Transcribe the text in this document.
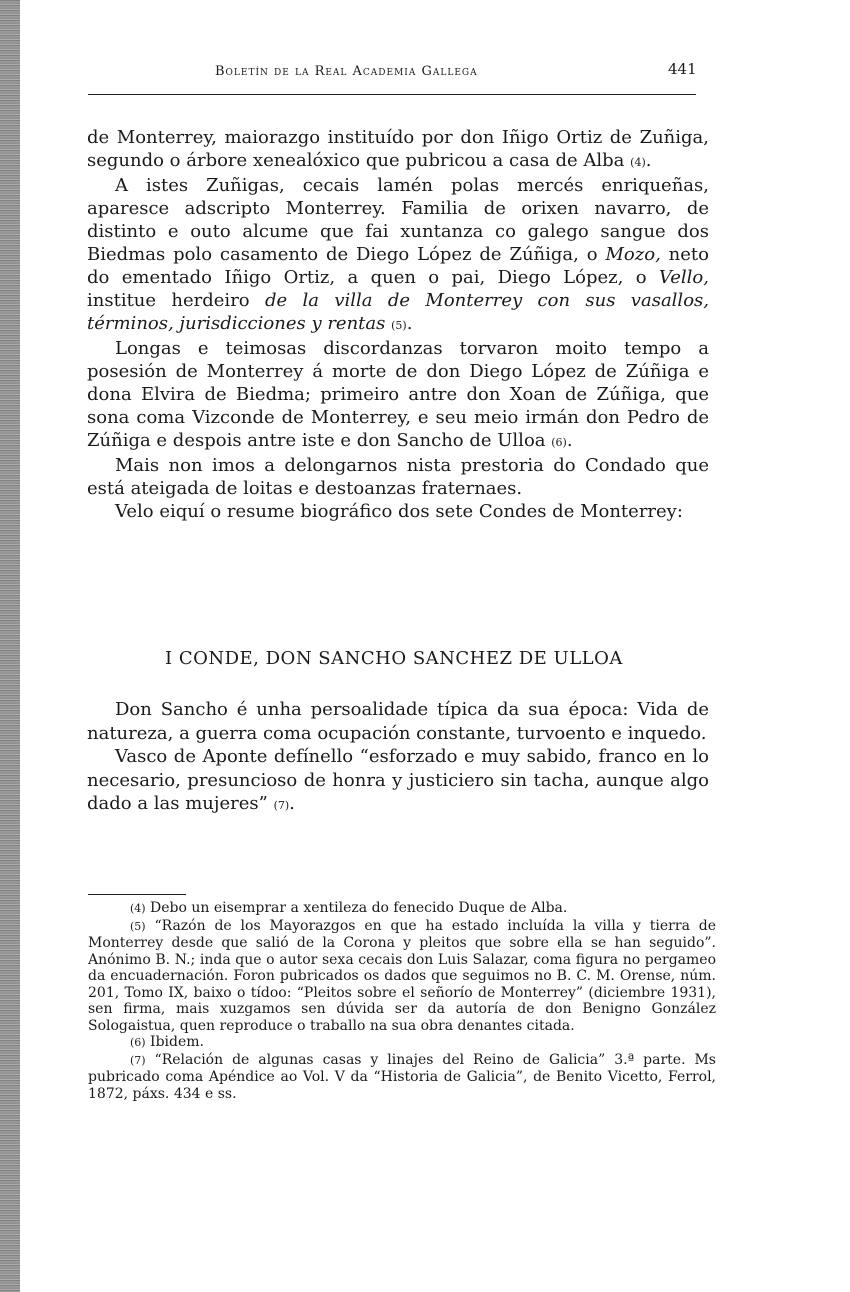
Boletín de la Real Academia Gallega	441

de Monterrey, maiorazgo instituído por don Iñigo Ortiz de Zuñiga, segundo o árbore xenealóxico que pubricou a casa de Alba (4).

A istes Zuñigas, cecais lamén polas mercés enriqueñas, aparesce adscripto Monterrey. Familia de orixen navarro, de distinto e outo alcume que fai xuntanza co galego sangue dos Biedmas polo casamento de Diego López de Zúñiga, o Mozo, neto do ementado Iñigo Ortiz, a quen o pai, Diego López, o Vello, institue herdeiro de la villa de Monterrey con sus vasallos, términos, jurisdicciones y rentas (5).

Longas e teimosas discordanzas torvaron moito tempo a posesión de Monterrey á morte de don Diego López de Zúñiga e dona Elvira de Biedma; primeiro antre don Xoan de Zúñiga, que sona coma Vizconde de Monterrey, e seu meio irmán don Pedro de Zúñiga e despois antre iste e don Sancho de Ulloa (6).

Mais non imos a delongarnos nista prestoria do Condado que está ateigada de loitas e destoanzas fraternaes.

Velo eiquí o resume biográfico dos sete Condes de Monterrey:

I CONDE, DON SANCHO SANCHEZ DE ULLOA

Don Sancho é unha persoalidade típica da sua época: Vida de natureza, a guerra coma ocupación constante, turvoento e inquedo.

Vasco de Aponte defínello “esforzado e muy sabido, franco en lo necesario, presuncioso de honra y justiciero sin tacha, aunque algo dado a las mujeres” (7).

(4) Debo un eisemprar a xentileza do fenecido Duque de Alba.

(5) “Razón de los Mayorazgos en que ha estado incluída la villa y tierra de Monterrey desde que salió de la Corona y pleitos que sobre ella se han seguido”. Anónimo B. N.; inda que o autor sexa cecais don Luis Salazar, coma figura no pergameo da encuadernación. Foron pubricados os dados que seguimos no B. C. M. Orense, núm. 201, Tomo IX, baixo o tídoo: “Pleitos sobre el señorío de Monterrey” (diciembre 1931), sen firma, mais xuzgamos sen dúvida ser da autoría de don Benigno González Sologaistua, quen reproduce o traballo na sua obra denantes citada.

(6) Ibidem.

(7) “Relación de algunas casas y linajes del Reino de Galicia” 3.ª parte. Ms pubricado coma Apéndice ao Vol. V da “Historia de Galicia”, de Benito Vicetto, Ferrol, 1872, páxs. 434 e ss.
